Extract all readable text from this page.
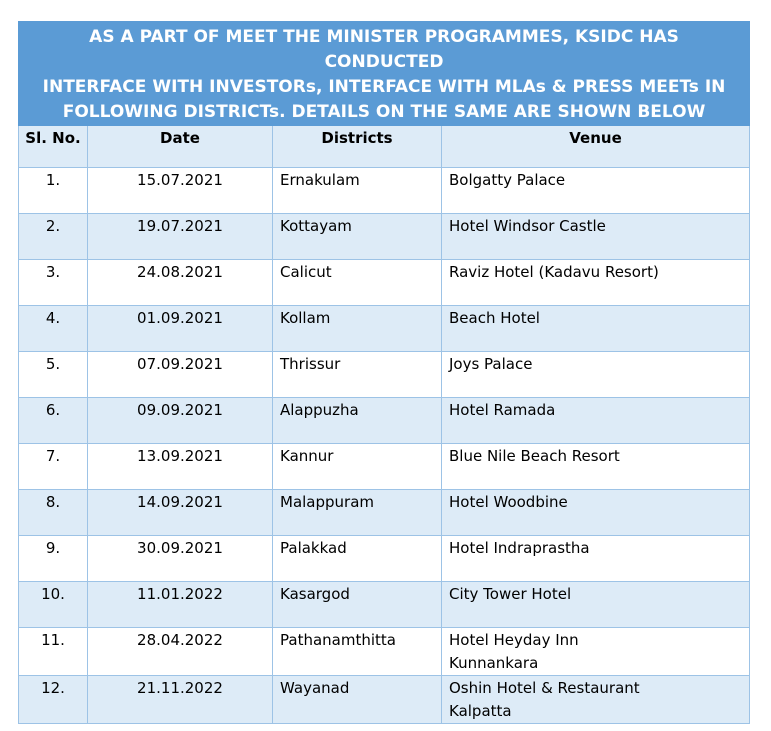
AS A PART OF MEET THE MINISTER PROGRAMMES, KSIDC HAS CONDUCTED
INTERFACE WITH INVESTORs, INTERFACE WITH MLAs & PRESS MEETs IN
FOLLOWING DISTRICTs. DETAILS ON THE SAME ARE SHOWN BELOW			

Sl. No.	Date	Districts	Venue
1.	15.07.2021	Ernakulam	Bolgatty Palace

2.	19.07.2021	Kottayam	Hotel Windsor Castle

3.	24.08.2021	Calicut	Raviz Hotel (Kadavu Resort)

4.	01.09.2021	Kollam	Beach Hotel

5.	07.09.2021	Thrissur	Joys Palace

6.	09.09.2021	Alappuzha	Hotel Ramada

7.	13.09.2021	Kannur	Blue Nile Beach Resort

8.	14.09.2021	Malappuram	Hotel Woodbine

9.	30.09.2021	Palakkad	Hotel Indraprastha

10.	11.01.2022	Kasargod	City Tower Hotel

11.	28.04.2022	Pathanamthitta	Hotel Heyday Inn
Kunnankara

12.	21.11.2022	Wayanad	Oshin Hotel & Restaurant
Kalpatta
